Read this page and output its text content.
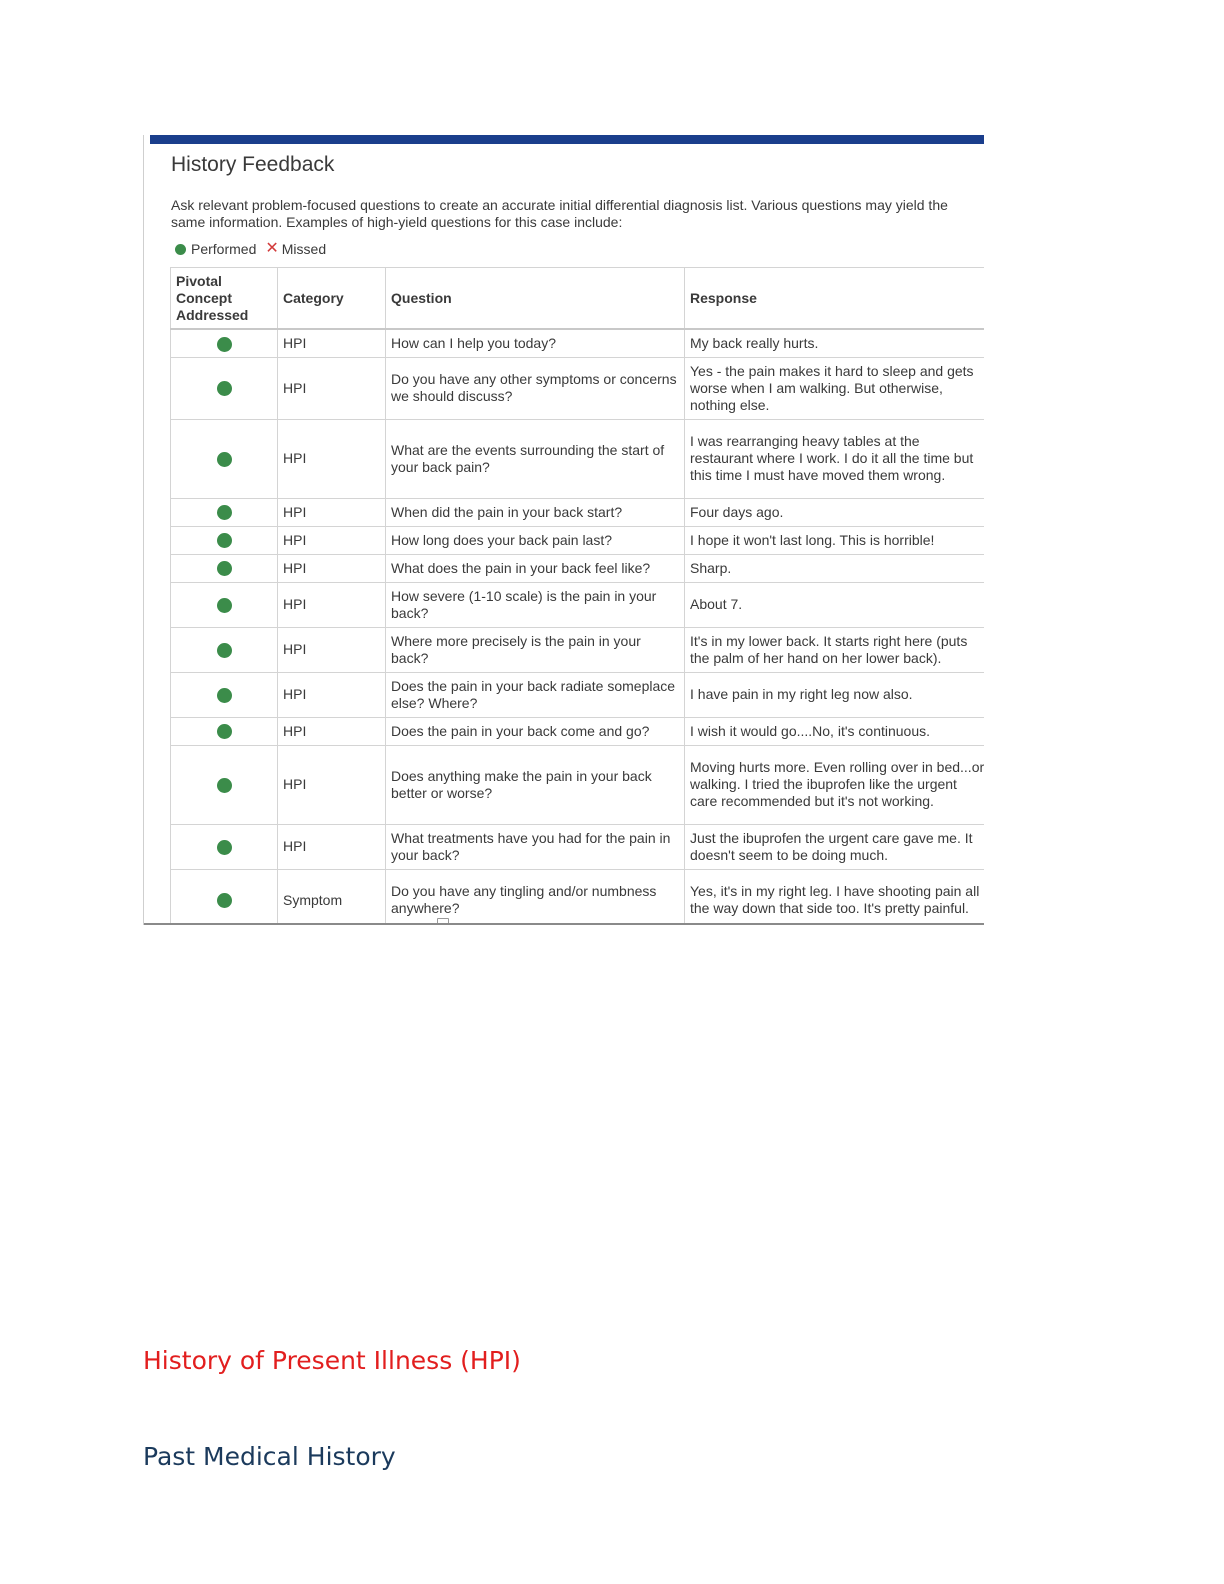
History Feedback

Ask relevant problem-focused questions to create an accurate initial differential diagnosis list. Various questions may yield the same information. Examples of high-yield questions for this case include:

Performed ✕ Missed
Pivotal Concept Addressed	Category	Question	Response
	HPI	How can I help you today?	My back really hurts.
	HPI	Do you have any other symptoms or concerns we should discuss?	Yes - the pain makes it hard to sleep and gets worse when I am walking. But otherwise, nothing else.
	HPI	What are the events surrounding the start of your back pain?	I was rearranging heavy tables at the restaurant where I work. I do it all the time but this time I must have moved them wrong.
	HPI	When did the pain in your back start?	Four days ago.
	HPI	How long does your back pain last?	I hope it won't last long. This is horrible!
	HPI	What does the pain in your back feel like?	Sharp.
	HPI	How severe (1-10 scale) is the pain in your back?	About 7.
	HPI	Where more precisely is the pain in your back?	It's in my lower back. It starts right here (puts the palm of her hand on her lower back).
	HPI	Does the pain in your back radiate someplace else? Where?	I have pain in my right leg now also.
	HPI	Does the pain in your back come and go?	I wish it would go....No, it's continuous.
	HPI	Does anything make the pain in your back better or worse?	Moving hurts more. Even rolling over in bed...or walking. I tried the ibuprofen like the urgent care recommended but it's not working.
	HPI	What treatments have you had for the pain in your back?	Just the ibuprofen the urgent care gave me. It doesn't seem to be doing much.
	Symptom	Do you have any tingling and/or numbness anywhere?	Yes, it's in my right leg. I have shooting pain all the way down that side too. It's pretty painful.
History of Present Illness (HPI)
Past Medical History
